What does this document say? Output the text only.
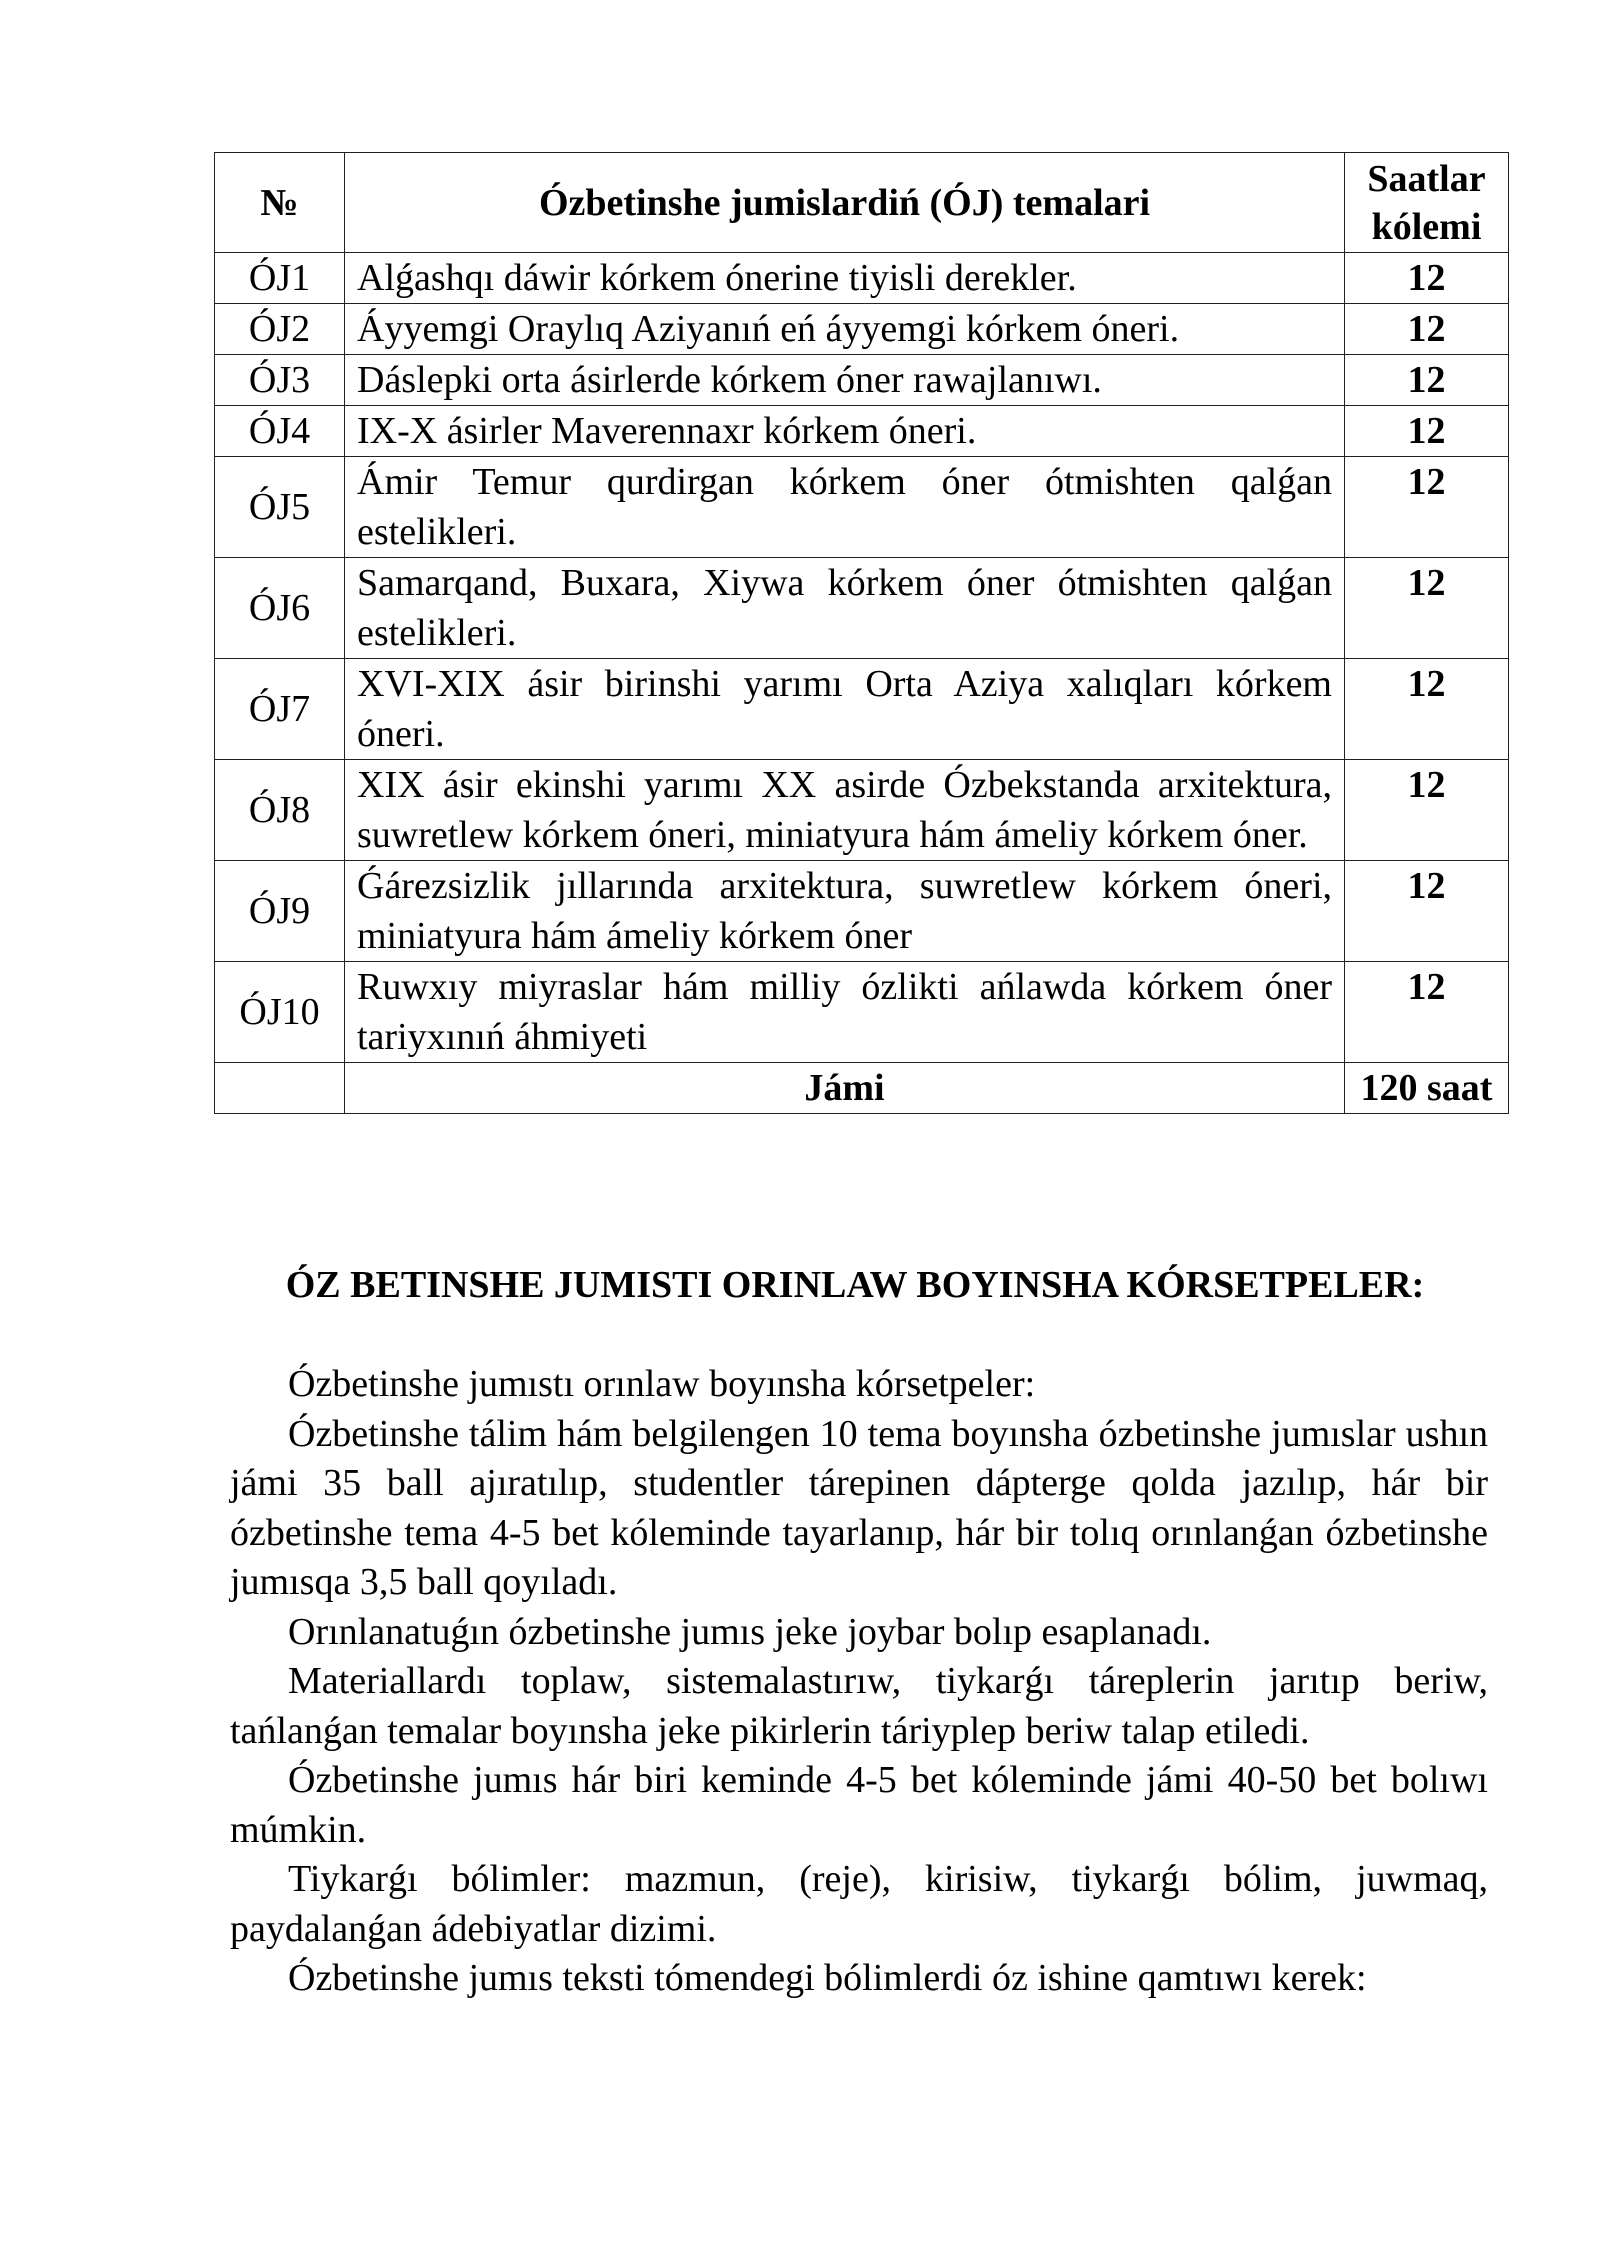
№	Ózbetinshe jumislardiń (ÓJ) temalari	Saatlar kólemi
ÓJ1	Alǵashqı dáwir kórkem ónerine tiyisli derekler.	12
ÓJ2	Áyyemgi Oraylıq Aziyanıń eń áyyemgi kórkem óneri.	12
ÓJ3	Dáslepki orta ásirlerde kórkem óner rawajlanıwı.	12
ÓJ4	IX-X ásirler Maverennaxr kórkem óneri.	12
ÓJ5	Ámir Temur qurdirgan kórkem óner ótmishten qalǵan estelikleri.	12
ÓJ6	Samarqand, Buxara, Xiywa kórkem óner ótmishten qalǵan estelikleri.	12
ÓJ7	XVI-XIX ásir birinshi yarımı Orta Aziya xalıqları kórkem óneri.	12
ÓJ8	XIX ásir ekinshi yarımı XX asirde Ózbekstanda arxitektura, suwretlew kórkem óneri, miniatyura hám ámeliy kórkem óner.	12
ÓJ9	Ǵárezsizlik jıllarında arxitektura, suwretlew kórkem óneri, miniatyura hám ámeliy kórkem óner	12
ÓJ10	Ruwxıy miyraslar hám milliy ózlikti ańlawda kórkem óner tariyxınıń áhmiyeti	12
	Jámi	120 saat
ÓZ BETINSHE JUMISTI ORINLAW BOYINSHA KÓRSETPELER:

Ózbetinshe jumıstı orınlaw boyınsha kórsetpeler:

Ózbetinshe tálim hám belgilengen 10 tema boyınsha ózbetinshe jumıslar ushın jámi 35 ball ajıratılıp, studentler tárepinen dápterge qolda jazılıp, hár bir ózbetinshe tema 4-5 bet kóleminde tayarlanıp, hár bir tolıq orınlanǵan ózbetinshe jumısqa 3,5 ball qoyıladı.

Orınlanatuǵın ózbetinshe jumıs jeke joybar bolıp esaplanadı.

Materiallardı toplaw, sistemalastırıw, tiykarǵı táreplerin jarıtıp beriw, tańlanǵan temalar boyınsha jeke pikirlerin táriyplep beriw talap etiledi.

Ózbetinshe jumıs hár biri keminde 4-5 bet kóleminde jámi 40-50 bet bolıwı múmkin.

Tiykarǵı bólimler: mazmun, (reje), kirisiw, tiykarǵı bólim, juwmaq, paydalanǵan ádebiyatlar dizimi.

Ózbetinshe jumıs teksti tómendegi bólimlerdi óz ishine qamtıwı kerek:
